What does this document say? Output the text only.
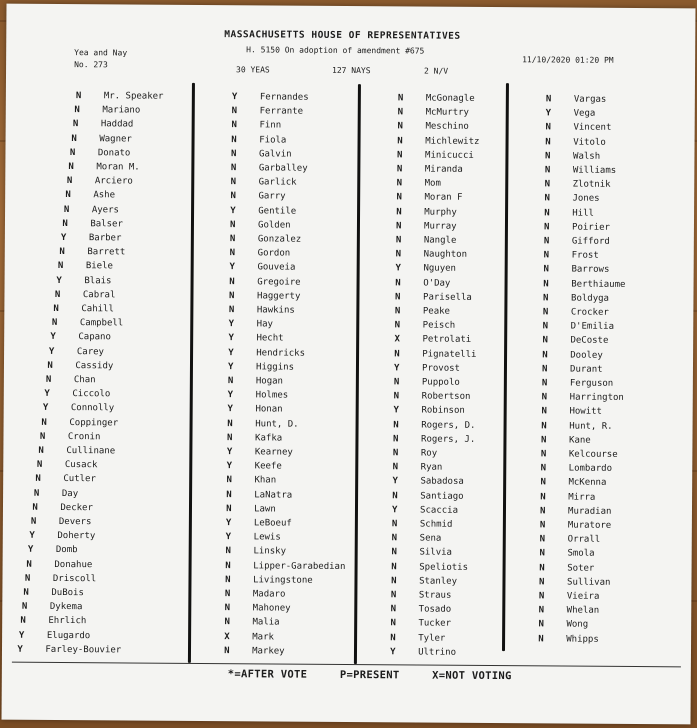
MASSACHUSETTS HOUSE OF REPRESENTATIVES
H. 5150 On adoption of amendment #675
Yea and Nay
No. 273	11/10/2020 01:20 PM
30 YEAS	127 NAYS	2 N/V
N	Mr. Speaker
N	Mariano
N	Haddad
N	Wagner
N	Donato
N	Moran M.
N	Arciero
N	Ashe
N	Ayers
N	Balser
Y	Barber
N	Barrett
N	Biele
Y	Blais
N	Cabral
N	Cahill
N	Campbell
Y	Capano
Y	Carey
N	Cassidy
N	Chan
Y	Ciccolo
Y	Connolly
N	Coppinger
N	Cronin
N	Cullinane
N	Cusack
N	Cutler
N	Day
N	Decker
N	Devers
Y	Doherty
Y	Domb
N	Donahue
N	Driscoll
N	DuBois
N	Dykema
N	Ehrlich
Y	Elugardo
Y	Farley-Bouvier
Y	Fernandes
N	Ferrante
N	Finn
N	Fiola
N	Galvin
N	Garballey
N	Garlick
N	Garry
Y	Gentile
N	Golden
N	Gonzalez
N	Gordon
Y	Gouveia
N	Gregoire
N	Haggerty
N	Hawkins
Y	Hay
Y	Hecht
Y	Hendricks
Y	Higgins
N	Hogan
Y	Holmes
Y	Honan
N	Hunt, D.
N	Kafka
Y	Kearney
Y	Keefe
N	Khan
N	LaNatra
N	Lawn
Y	LeBoeuf
Y	Lewis
N	Linsky
N	Lipper-Garabedian
N	Livingstone
N	Madaro
N	Mahoney
N	Malia
X	Mark
N	Markey
N	McGonagle
N	McMurtry
N	Meschino
N	Michlewitz
N	Minicucci
N	Miranda
N	Mom
N	Moran F
N	Murphy
N	Murray
N	Nangle
N	Naughton
Y	Nguyen
N	O'Day
N	Parisella
N	Peake
N	Peisch
X	Petrolati
N	Pignatelli
Y	Provost
N	Puppolo
N	Robertson
Y	Robinson
N	Rogers, D.
N	Rogers, J.
N	Roy
N	Ryan
Y	Sabadosa
N	Santiago
Y	Scaccia
N	Schmid
N	Sena
N	Silvia
N	Speliotis
N	Stanley
N	Straus
N	Tosado
N	Tucker
N	Tyler
Y	Ultrino
N	Vargas
Y	Vega
N	Vincent
N	Vitolo
N	Walsh
N	Williams
N	Zlotnik
N	Jones
N	Hill
N	Poirier
N	Gifford
N	Frost
N	Barrows
N	Berthiaume
N	Boldyga
N	Crocker
N	D'Emilia
N	DeCoste
N	Dooley
N	Durant
N	Ferguson
N	Harrington
N	Howitt
N	Hunt, R.
N	Kane
N	Kelcourse
N	Lombardo
N	McKenna
N	Mirra
N	Muradian
N	Muratore
N	Orrall
N	Smola
N	Soter
N	Sullivan
N	Vieira
N	Whelan
N	Wong
N	Whipps
*=AFTER VOTE	P=PRESENT	X=NOT VOTING
